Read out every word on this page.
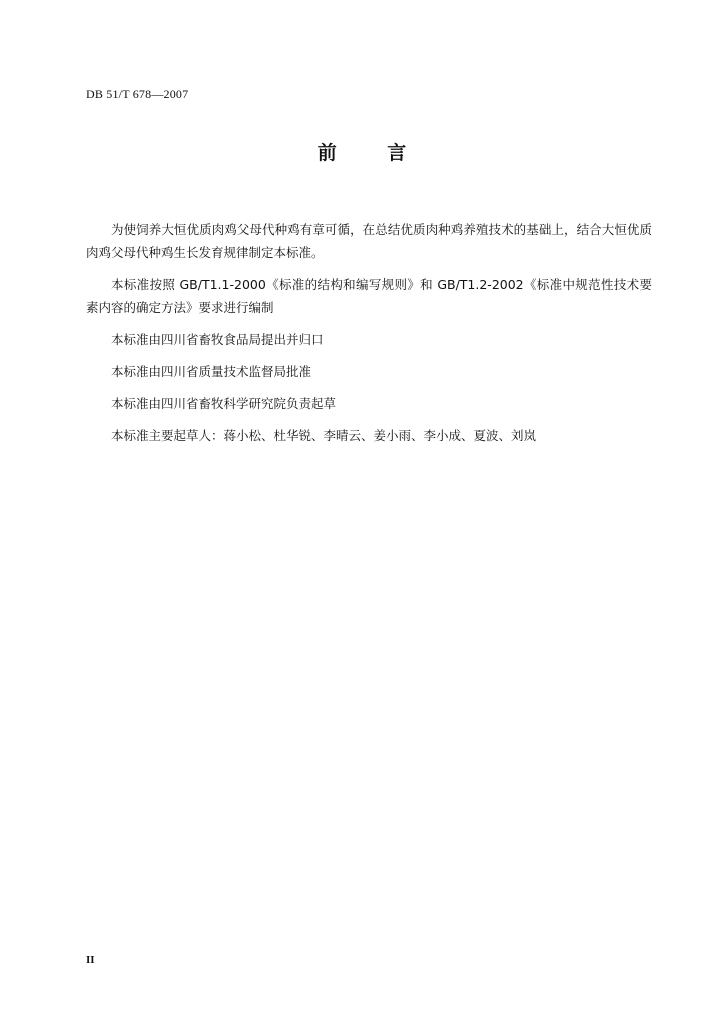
DB 51/T 678—2007
前 言

为使饲养大恒优质肉鸡父母代种鸡有章可循，在总结优质肉种鸡养殖技术的基础上，结合大恒优质肉鸡父母代种鸡生长发育规律制定本标准。

本标准按照 GB/T1.1-2000《标准的结构和编写规则》和 GB/T1.2-2002《标准中规范性技术要素内容的确定方法》要求进行编制

本标准由四川省畜牧食品局提出并归口

本标准由四川省质量技术监督局批准

本标准由四川省畜牧科学研究院负责起草

本标准主要起草人：蒋小松、杜华锐、李晴云、姜小雨、李小成、夏波、刘岚

II
